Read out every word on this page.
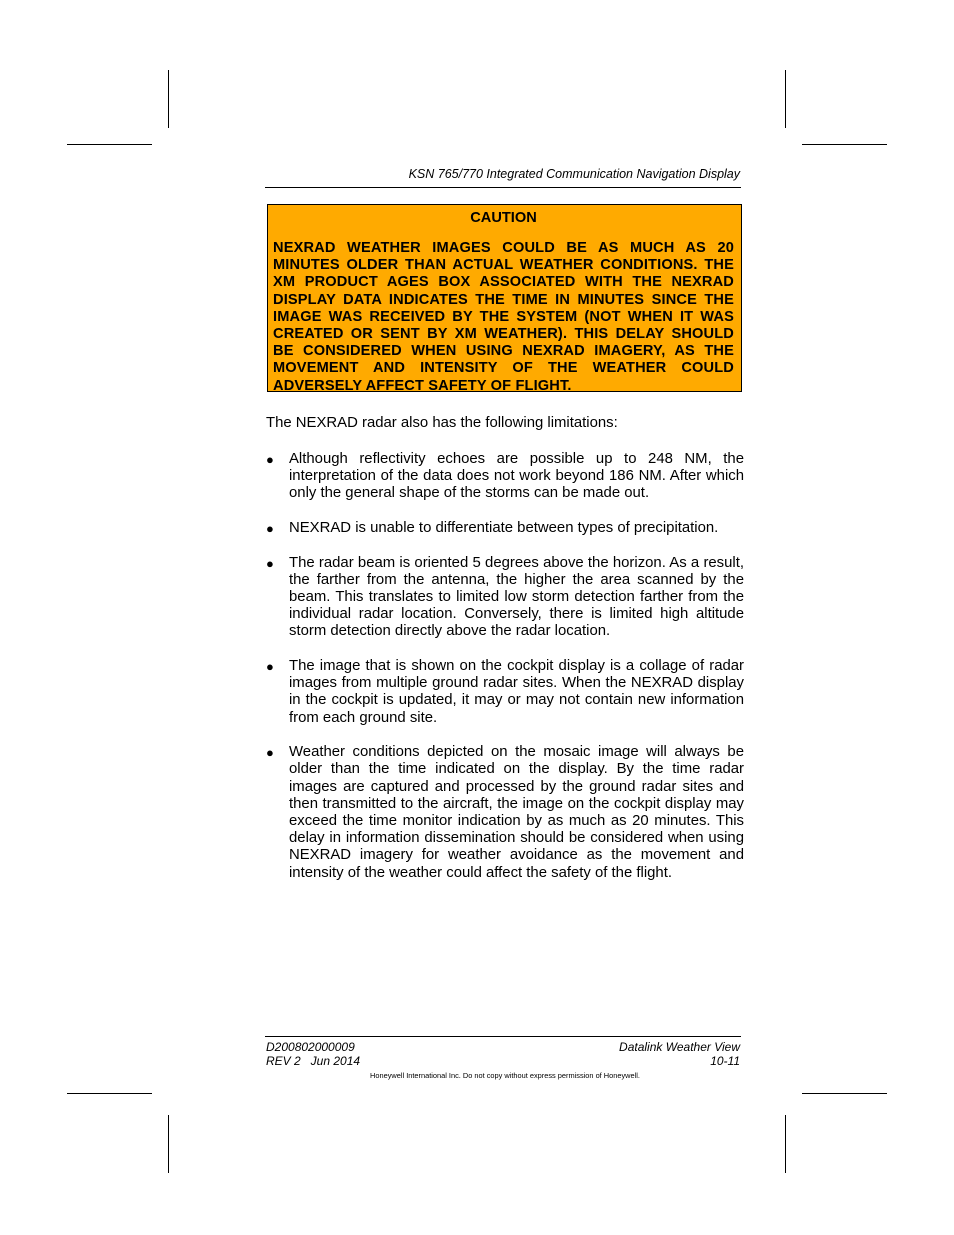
KSN 765/770 Integrated Communication Navigation Display
CAUTION
NEXRAD WEATHER IMAGES COULD BE AS MUCH AS 20 MINUTES OLDER THAN ACTUAL WEATHER CONDITIONS. THE XM PRODUCT AGES BOX ASSOCIATED WITH THE NEXRAD DISPLAY DATA INDICATES THE TIME IN MINUTES SINCE THE IMAGE WAS RECEIVED BY THE SYSTEM (NOT WHEN IT WAS CREATED OR SENT BY XM WEATHER). THIS DELAY SHOULD BE CONSIDERED WHEN USING NEXRAD IMAGERY, AS THE MOVEMENT AND INTENSITY OF THE WEATHER COULD ADVERSELY AFFECT SAFETY OF FLIGHT.
The NEXRAD radar also has the following limitations:
● Although reflectivity echoes are possible up to 248 NM, the interpretation of the data does not work beyond 186 NM. After which only the general shape of the storms can be made out.
● NEXRAD is unable to differentiate between types of precipitation.
● The radar beam is oriented 5 degrees above the horizon. As a result, the farther from the antenna, the higher the area scanned by the beam. This translates to limited low storm detection farther from the individual radar location. Conversely, there is limited high altitude storm detection directly above the radar location.
● The image that is shown on the cockpit display is a collage of radar images from multiple ground radar sites. When the NEXRAD display in the cockpit is updated, it may or may not contain new information from each ground site.
● Weather conditions depicted on the mosaic image will always be older than the time indicated on the display. By the time radar images are captured and processed by the ground radar sites and then transmitted to the aircraft, the image on the cockpit display may exceed the time monitor indication by as much as 20 minutes. This delay in information dissemination should be considered when using NEXRAD imagery for weather avoidance as the movement and intensity of the weather could affect the safety of the flight.
D200802000009
REV 2   Jun 2014
Datalink Weather View
10-11
Honeywell International Inc. Do not copy without express permission of Honeywell.
